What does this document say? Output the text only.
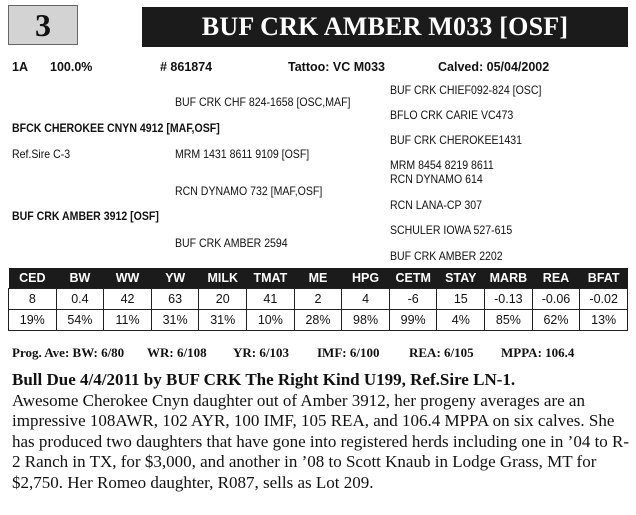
3	BUF CRK AMBER M033 [OSF]
1A 100.0%	# 861874	Tattoo: VC M033	Calved: 05/04/2002
BUF CRK CHIEF092-824 [OSC]
BUF CRK CHF 824-1658 [OSC,MAF]
BFLO CRK CARIE VC473
BFCK CHEROKEE CNYN 4912 [MAF,OSF]
BUF CRK CHEROKEE1431
Ref.Sire C-3	MRM 1431 8611 9109 [OSF]
MRM 8454 8219 8611
RCN DYNAMO 614
RCN DYNAMO 732 [MAF,OSF]
RCN LANA-CP 307
BUF CRK AMBER 3912 [OSF]
SCHULER IOWA 527-615
BUF CRK AMBER 2594
BUF CRK AMBER 2202
CED	BW	WW	YW	MILK	TMAT	ME	HPG	CETM	STAY	MARB	REA	BFAT
8	0.4	42	63	20	41	2	4	-6	15	-0.13	-0.06	-0.02
19%	54%	11%	31%	31%	10%	28%	98%	99%	4%	85%	62%	13%
Prog. Ave: BW: 6/80 WR: 6/108 YR: 6/103 IMF: 6/100 REA: 6/105 MPPA: 106.4
Bull Due 4/4/2011 by BUF CRK The Right Kind U199, Ref.Sire LN-1.
Awesome Cherokee Cnyn daughter out of Amber 3912, her progeny averages are an impressive 108AWR, 102 AYR, 100 IMF, 105 REA, and 106.4 MPPA on six calves. She has produced two daughters that have gone into registered herds including one in ’04 to R-2 Ranch in TX, for $3,000, and another in ’08 to Scott Knaub in Lodge Grass, MT for $2,750. Her Romeo daughter, R087, sells as Lot 209.
